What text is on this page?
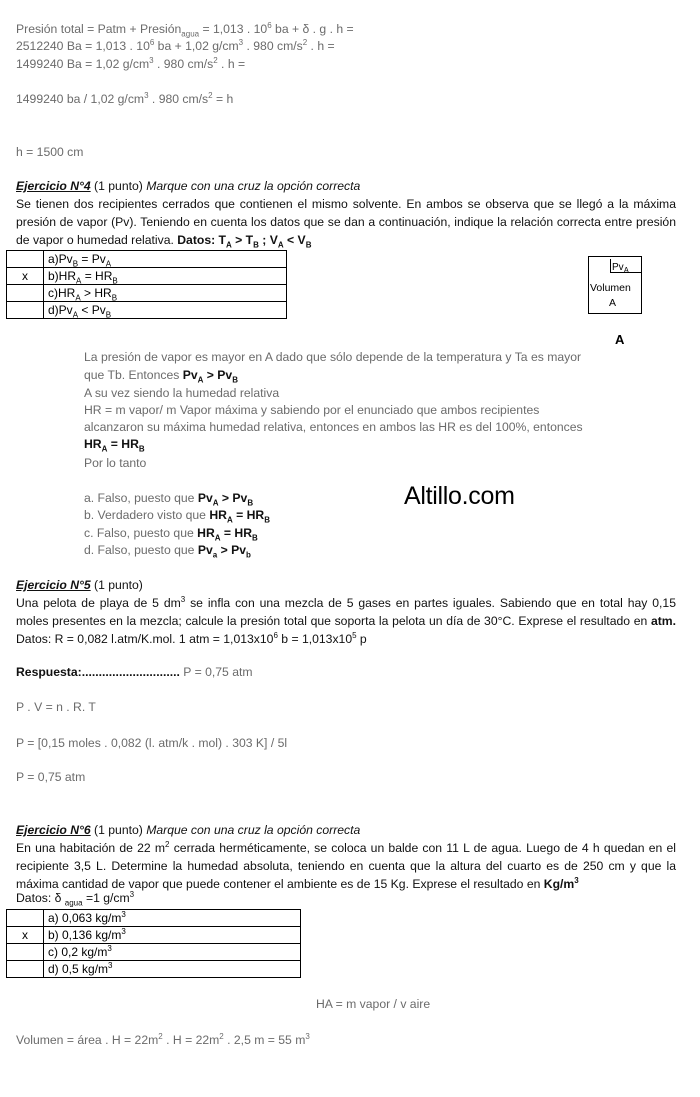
Presión total = Patm + Presión$_{agua}$ = 1,013 . $10^6$ ba + δ . g . h =
2512240 Ba = 1,013 . $10^6$ ba + 1,02 $g/cm^3$ . 980 $cm/s^2$ . h =
1499240 Ba = 1,02 $g/cm^3$ . 980 $cm/s^2$ . h =
1499240 ba / 1,02 $g/cm^3$ . 980 $cm/s^2 = h$
h = 1500 cm
Ejercicio N°4 (1 punto) Marque con una cruz la opción correcta
Se tienen dos recipientes cerrados que contienen el mismo solvente. En ambos se observa que se llegó a la máxima presión de vapor (Pv). Teniendo en cuenta los datos que se dan a continuación, indique la relación correcta entre presión de vapor o humedad relativa. Datos: $T_A > T_B$ ; $V_A < V_B$
	$a)Pv_B = Pv_A$
x	$b)HR_A = HR_B$
	$c)HR_A > HR_B$
	$d)Pv_A < Pv_B$
$Pv_A$
Volumen
A
A
La presión de vapor es mayor en A dado que sólo depende de la temperatura y Ta es mayor
que Tb. Entonces $Pv_A > Pv_B$
A su vez siendo la humedad relativa
HR = m vapor/ m Vapor máxima y sabiendo por el enunciado que ambos recipientes
alcanzaron su máxima humedad relativa, entonces en ambos las HR es del 100%, entonces
$HR_A = HR_B$
Por lo tanto
a. Falso, puesto que $Pv_A > Pv_B$
b. Verdadero visto que $HR_A = HR_B$
c. Falso, puesto que $HR_A = HR_B$
d. Falso, puesto que $Pv_a > Pv_b$
Altillo.com
Ejercicio N°5 (1 punto)
Una pelota de playa de 5 $dm^3$ se infla con una mezcla de 5 gases en partes iguales. Sabiendo que en total hay 0,15 moles presentes en la mezcla; calcule la presión total que soporta la pelota un día de 30°C. Exprese el resultado en atm. Datos: R = 0,082 l.atm/K.mol. 1 atm = $1,013x10^6$ $b = 1,013x10^5$ p
Respuesta:............................. P = 0,75 atm
P . V = n . R. T
P = [0,15 moles . 0,082 (l. atm/k . mol) . 303 K] / 5l
P = 0,75 atm
Ejercicio N°6 (1 punto) Marque con una cruz la opción correcta
En una habitación de 22 $m^2$ cerrada herméticamente, se coloca un balde con 11 L de agua. Luego de 4 h quedan en el recipiente 3,5 L. Determine la humedad absoluta, teniendo en cuenta que la altura del cuarto es de 250 cm y que la máxima cantidad de vapor que puede contener el ambiente es de 15 Kg. Exprese el resultado en $Kg/m^3$
Datos: δ $_{agua}$ =1 $g/cm^3$
	a) 0,063 $kg/m^3$
x	b) 0,136 $kg/m^3$
	c) 0,2 $kg/m^3$
	d) 0,5 $kg/m^3$
HA = m vapor / v aire
Volumen = área . $H = 22m^2$ . $H = 22m^2$ . 2,5 m = 55 $m^3$
